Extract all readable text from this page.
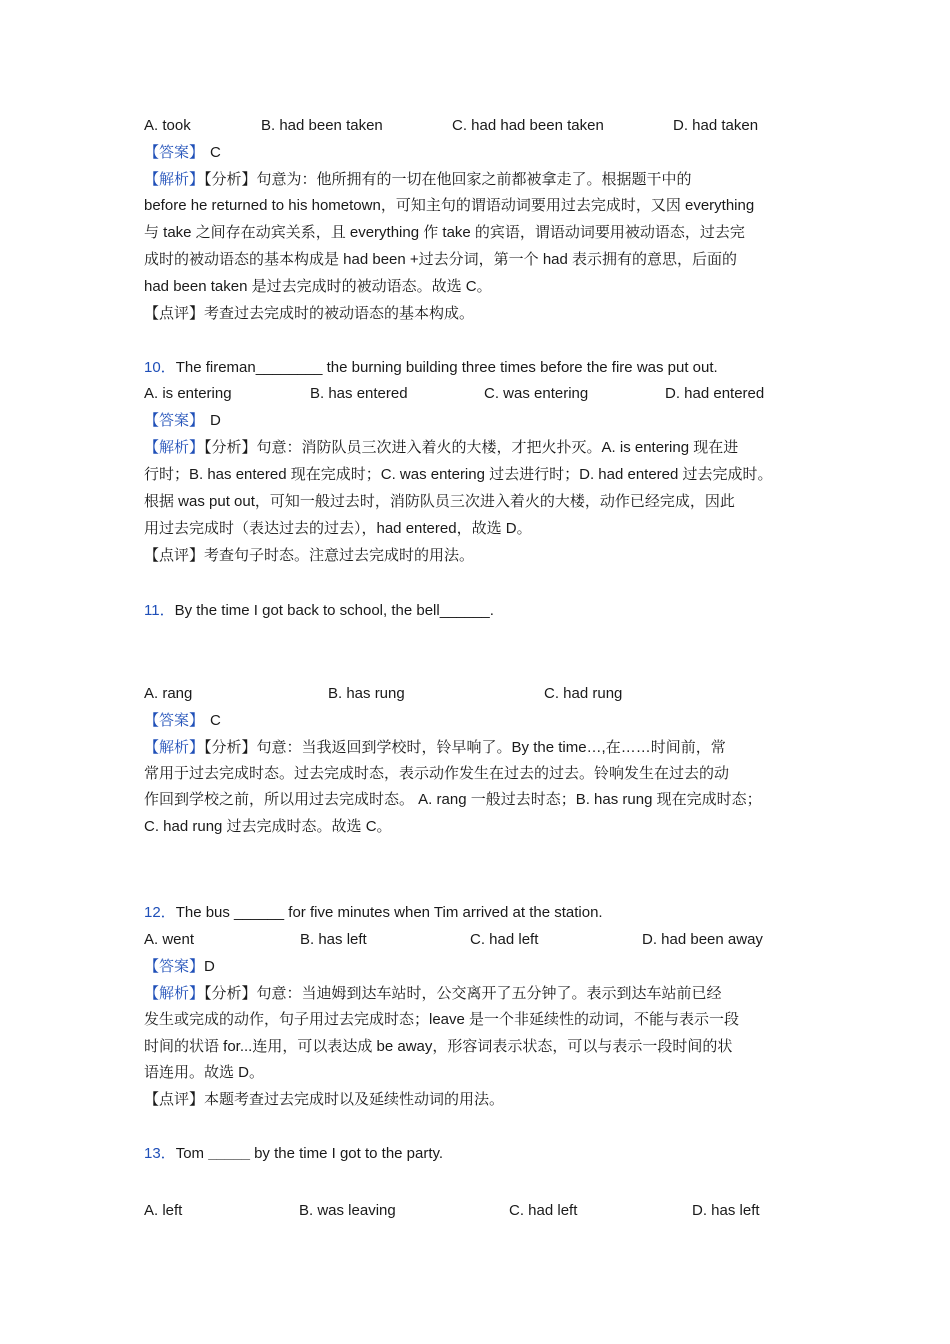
A. took	B. had been taken	C. had had been taken	D. had taken
【答案】 C
【解析】【分析】句意为：他所拥有的一切在他回家之前都被拿走了。根据题干中的
before he returned to his hometown，可知主句的谓语动词要用过去完成时，又因 everything
与 take 之间存在动宾关系，且 everything 作 take 的宾语，谓语动词要用被动语态，过去完
成时的被动语态的基本构成是 had been +过去分词，第一个 had 表示拥有的意思，后面的
had been taken 是过去完成时的被动语态。故选 C。
【点评】考查过去完成时的被动语态的基本构成。
10．The fireman________ the burning building three times before the fire was put out.
A. is entering	B. has entered	C. was entering	D. had entered
【答案】 D
【解析】【分析】句意：消防队员三次进入着火的大楼，才把火扑灭。A. is entering 现在进
行时；B. has entered 现在完成时；C. was entering 过去进行时；D. had entered 过去完成时。
根据 was put out，可知一般过去时，消防队员三次进入着火的大楼，动作已经完成，因此
用过去完成时（表达过去的过去），had entered，故选 D。
【点评】考查句子时态。注意过去完成时的用法。
11．By the time I got back to school, the bell______.
A. rang	B. has rung	C. had rung
【答案】 C
【解析】【分析】句意：当我返回到学校时，铃早响了。By the time…,在……时间前，常
常用于过去完成时态。过去完成时态，表示动作发生在过去的过去。铃响发生在过去的动
作回到学校之前，所以用过去完成时态。 A. rang 一般过去时态；B. has rung 现在完成时态；
C. had rung 过去完成时态。故选 C。
12．The bus ______ for five minutes when Tim arrived at the station.
A. went	B. has left	C. had left	D. had been away
【答案】D
【解析】【分析】句意：当迪姆到达车站时，公交离开了五分钟了。表示到达车站前已经
发生或完成的动作，句子用过去完成时态；leave 是一个非延续性的动词，不能与表示一段
时间的状语 for...连用，可以表达成 be away，形容词表示状态，可以与表示一段时间的状
语连用。故选 D。
【点评】本题考查过去完成时以及延续性动词的用法。
13．Tom _____ by the time I got to the party.
A. left	B. was leaving	C. had left	D. has left
